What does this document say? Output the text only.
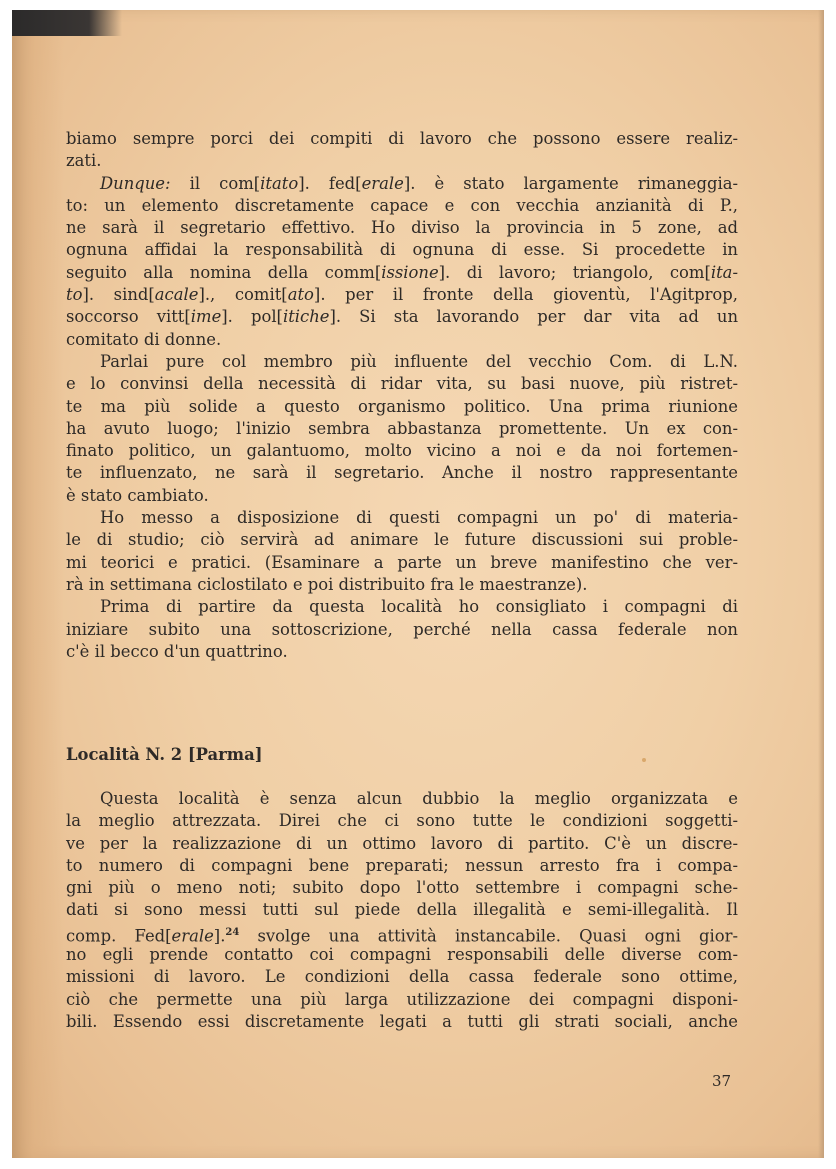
biamo sempre porci dei compiti di lavoro che possono essere realiz-
zati.
Dunque: il com[itato]. fed[erale]. è stato largamente rimaneggia-
to: un elemento discretamente capace e con vecchia anzianità di P.,
ne sarà il segretario effettivo. Ho diviso la provincia in 5 zone, ad
ognuna affidai la responsabilità di ognuna di esse. Si procedette in
seguito alla nomina della comm[issione]. di lavoro; triangolo, com[ita-
to]. sind[acale]., comit[ato]. per il fronte della gioventù, l'Agitprop,
soccorso vitt[ime]. pol[itiche]. Si sta lavorando per dar vita ad un
comitato di donne.
Parlai pure col membro più influente del vecchio Com. di L.N.
e lo convinsi della necessità di ridar vita, su basi nuove, più ristret-
te ma più solide a questo organismo politico. Una prima riunione
ha avuto luogo; l'inizio sembra abbastanza promettente. Un ex con-
finato politico, un galantuomo, molto vicino a noi e da noi fortemen-
te influenzato, ne sarà il segretario. Anche il nostro rappresentante
è stato cambiato.
Ho messo a disposizione di questi compagni un po' di materia-
le di studio; ciò servirà ad animare le future discussioni sui proble-
mi teorici e pratici. (Esaminare a parte un breve manifestino che ver-
rà in settimana ciclostilato e poi distribuito fra le maestranze).
Prima di partire da questa località ho consigliato i compagni di
iniziare subito una sottoscrizione, perché nella cassa federale non
c'è il becco d'un quattrino.
Località N. 2 [Parma]
Questa località è senza alcun dubbio la meglio organizzata e
la meglio attrezzata. Direi che ci sono tutte le condizioni soggetti-
ve per la realizzazione di un ottimo lavoro di partito. C'è un discre-
to numero di compagni bene preparati; nessun arresto fra i compa-
gni più o meno noti; subito dopo l'otto settembre i compagni sche-
dati si sono messi tutti sul piede della illegalità e semi-illegalità. Il
comp. Fed[erale].$^{24}$ svolge una attività instancabile. Quasi ogni gior-
no egli prende contatto coi compagni responsabili delle diverse com-
missioni di lavoro. Le condizioni della cassa federale sono ottime,
ciò che permette una più larga utilizzazione dei compagni disponi-
bili. Essendo essi discretamente legati a tutti gli strati sociali, anche
37
